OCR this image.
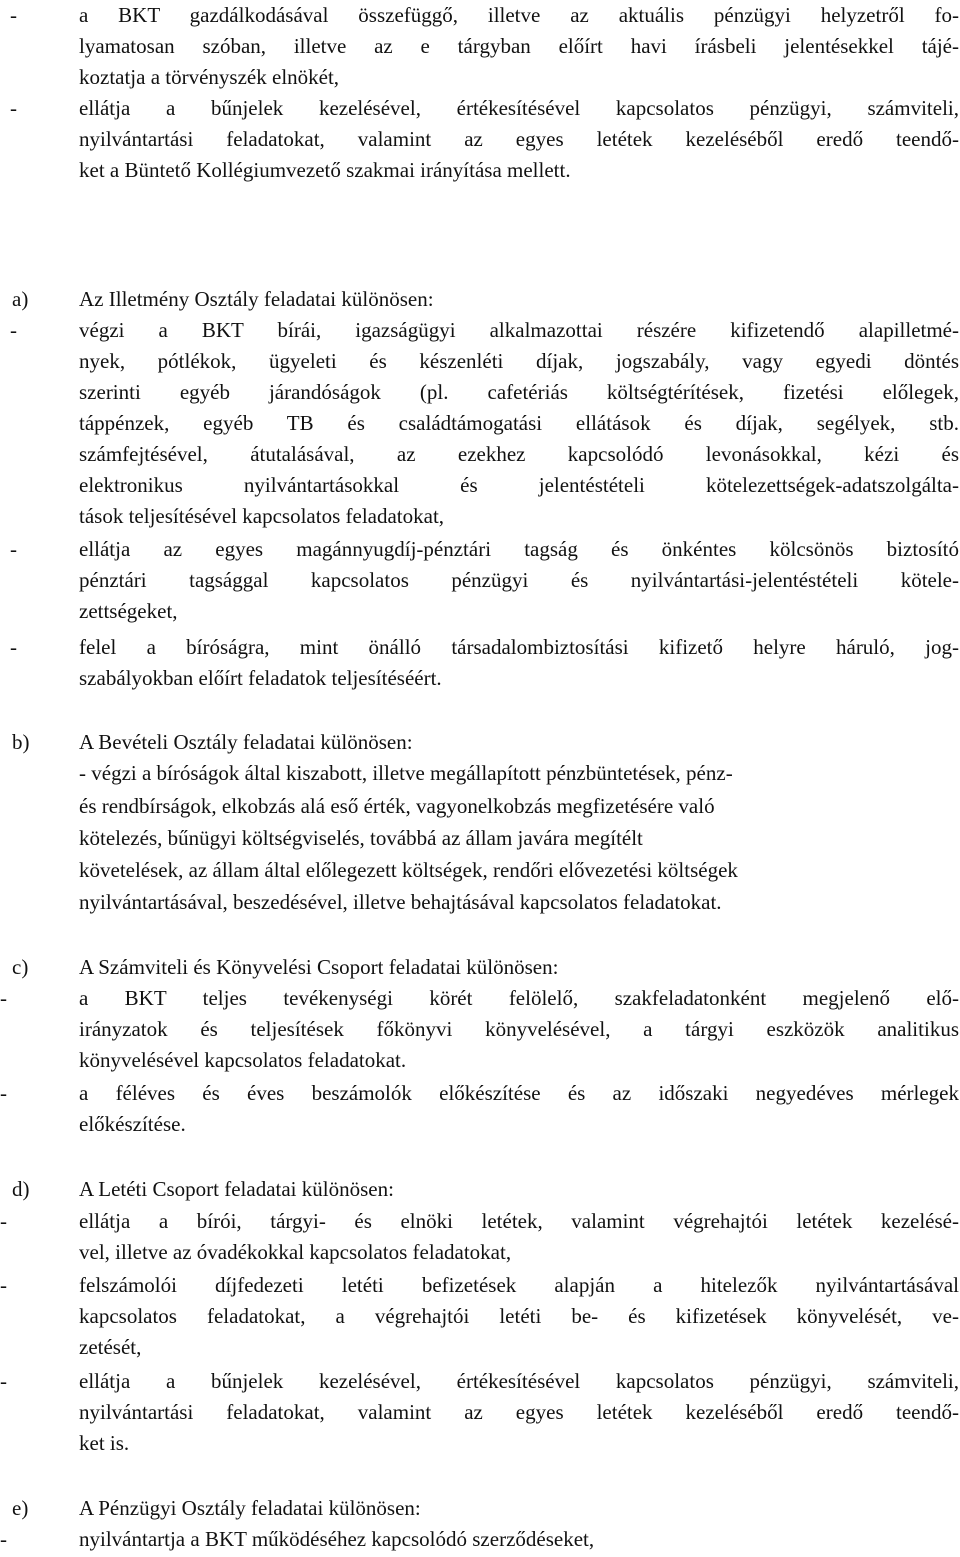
-	a BKT gazdálkodásával összefüggő, illetve az aktuális pénzügyi helyzetről fo-
lyamatosan szóban, illetve az e tárgyban előírt havi írásbeli jelentésekkel tájé-
koztatja a törvényszék elnökét,
-	ellátja a bűnjelek kezelésével, értékesítésével kapcsolatos pénzügyi, számviteli,
nyilvántartási feladatokat, valamint az egyes letétek kezeléséből eredő teendő-
ket a Büntető Kollégiumvezető szakmai irányítása mellett.
a) Az Illetmény Osztály feladatai különösen:
-	végzi a BKT bírái, igazságügyi alkalmazottai részére kifizetendő alapilletmé-
nyek, pótlékok, ügyeleti és készenléti díjak, jogszabály, vagy egyedi döntés
szerinti egyéb járandóságok (pl. cafetériás költségtérítések, fizetési előlegek,
táppénzek, egyéb TB és családtámogatási ellátások és díjak, segélyek, stb.
számfejtésével, átutalásával, az ezekhez kapcsolódó levonásokkal, kézi és
elektronikus nyilvántartásokkal és jelentéstételi kötelezettségek-adatszolgálta-
tások teljesítésével kapcsolatos feladatokat,
-	ellátja az egyes magánnyugdíj-pénztári tagság és önkéntes kölcsönös biztosító
pénztári tagsággal kapcsolatos pénzügyi és nyilvántartási-jelentéstételi kötele-
zettségeket,
-	felel a bíróságra, mint önálló társadalombiztosítási kifizető helyre háruló, jog-
szabályokban előírt feladatok teljesítéséért.
b) A Bevételi Osztály feladatai különösen:
- végzi a bíróságok által kiszabott, illetve megállapított pénzbüntetések, pénz-
és rendbírságok, elkobzás alá eső érték, vagyonelkobzás megfizetésére való
kötelezés, bűnügyi költségviselés, továbbá az állam javára megítélt
követelések, az állam által előlegezett költségek, rendőri elővezetési költségek
nyilvántartásával, beszedésével, illetve behajtásával kapcsolatos feladatokat.
c) A Számviteli és Könyvelési Csoport feladatai különösen:
-	a BKT teljes tevékenységi körét felölelő, szakfeladatonként megjelenő elő-
irányzatok és teljesítések főkönyvi könyvelésével, a tárgyi eszközök analitikus
könyvelésével kapcsolatos feladatokat.
-	a féléves és éves beszámolók előkészítése és az időszaki negyedéves mérlegek
előkészítése.
d) A Letéti Csoport feladatai különösen:
-	ellátja a bírói, tárgyi- és elnöki letétek, valamint végrehajtói letétek kezelésé-
vel, illetve az óvadékokkal kapcsolatos feladatokat,
-	felszámolói díjfedezeti letéti befizetések alapján a hitelezők nyilvántartásával
kapcsolatos feladatokat, a végrehajtói letéti be- és kifizetések könyvelését, ve-
zetését,
-	ellátja a bűnjelek kezelésével, értékesítésével kapcsolatos pénzügyi, számviteli,
nyilvántartási feladatokat, valamint az egyes letétek kezeléséből eredő teendő-
ket is.
e) A Pénzügyi Osztály feladatai különösen:
-	nyilvántartja a BKT működéséhez kapcsolódó szerződéseket,
